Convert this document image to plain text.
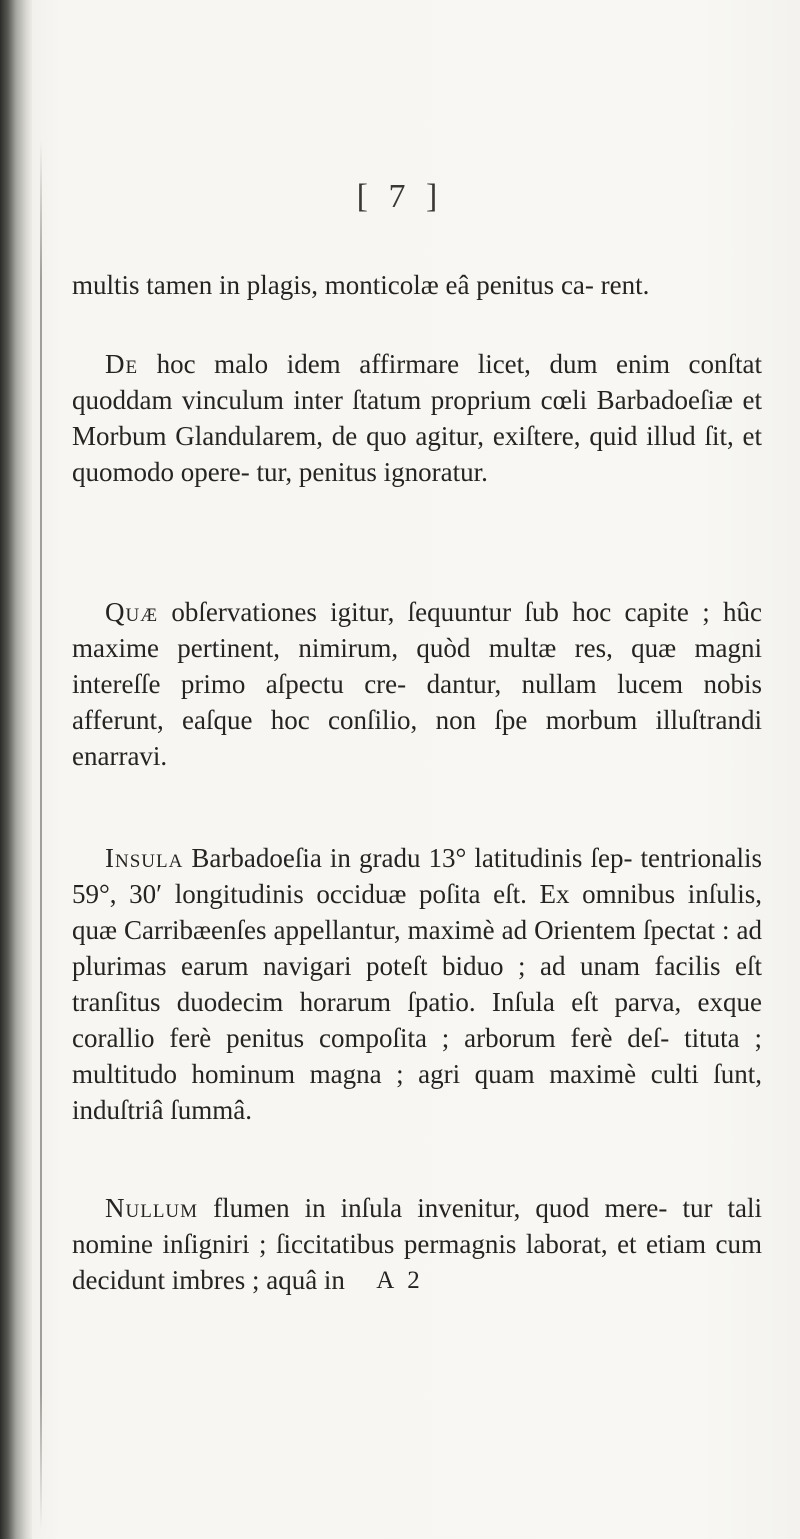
[ 7 ]

multis tamen in plagis, monticolæ eâ penitus ca- rent.

De hoc malo idem affirmare licet, dum enim conſtat quoddam vinculum inter ſtatum proprium cœli Barbadoeſiæ et Morbum Glandularem, de quo agitur, exiſtere, quid illud ſit, et quomodo opere- tur, penitus ignoratur.
Quæ obſervationes igitur, ſequuntur ſub hoc capite ; hûc maxime pertinent, nimirum, quòd multæ res, quæ magni intereſſe primo aſpectu cre- dantur, nullam lucem nobis afferunt, eaſque hoc conſilio, non ſpe morbum illuſtrandi enarravi.
Insula Barbadoeſia in gradu 13° latitudinis ſep- tentrionalis 59°, 30′ longitudinis occiduæ poſita eſt. Ex omnibus inſulis, quæ Carribæenſes appellantur, maximè ad Orientem ſpectat : ad plurimas earum navigari poteſt biduo ; ad unam facilis eſt tranſitus duodecim horarum ſpatio. Inſula eſt parva, exque corallio ferè penitus compoſita ; arborum ferè deſ- tituta ; multitudo hominum magna ; agri quam maximè culti ſunt, induſtriâ ſummâ.
Nullum flumen in inſula invenitur, quod mere- tur tali nomine inſigniri ; ſiccitatibus permagnis laborat, et etiam cum decidunt imbres ; aquâ in	A 2
